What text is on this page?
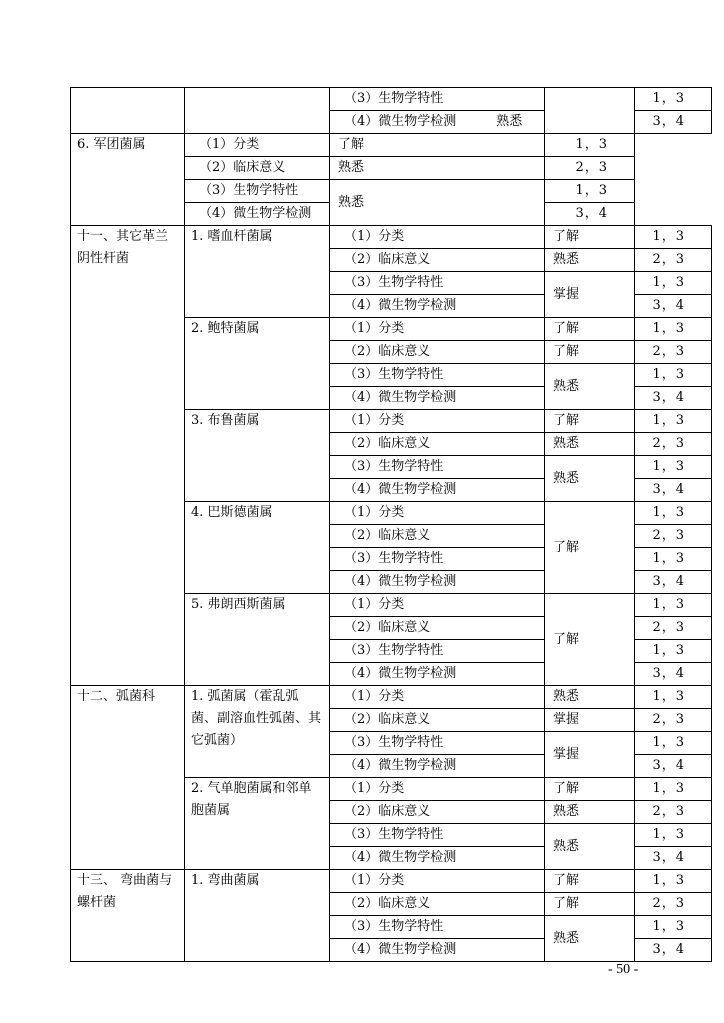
		（3）生物学特性		1，3
		（4）微生物学检测 熟悉		3，4
6. 军团菌属	（1）分类	了解	1，3	
	（2）临床意义	熟悉	2，3	
	（3）生物学特性	熟悉	1，3	
	（4）微生物学检测		3，4	
十一、其它革兰阴性杆菌	1. 嗜血杆菌属	（1）分类	了解	1，3
		（2）临床意义	熟悉	2，3
		（3）生物学特性	掌握	1，3
		（4）微生物学检测		3，4
	2. 鲍特菌属	（1）分类	了解	1，3
		（2）临床意义	了解	2，3
		（3）生物学特性	熟悉	1，3
		（4）微生物学检测		3，4
	3. 布鲁菌属	（1）分类	了解	1，3
		（2）临床意义	熟悉	2，3
		（3）生物学特性	熟悉	1，3
		（4）微生物学检测		3，4
	4. 巴斯德菌属	（1）分类	了解	1，3
		（2）临床意义		2，3
		（3）生物学特性		1，3
		（4）微生物学检测		3，4
	5. 弗朗西斯菌属	（1）分类	了解	1，3
		（2）临床意义		2，3
		（3）生物学特性		1，3
		（4）微生物学检测		3，4
十二、弧菌科	1. 弧菌属（霍乱弧菌、副溶血性弧菌、其它弧菌）	（1）分类	熟悉	1，3
		（2）临床意义	掌握	2，3
		（3）生物学特性	掌握	1，3
		（4）微生物学检测		3，4
	2. 气单胞菌属和邻单胞菌属	（1）分类	了解	1，3
		（2）临床意义	熟悉	2，3
		（3）生物学特性	熟悉	1，3
		（4）微生物学检测		3，4
十三、 弯曲菌与螺杆菌	1. 弯曲菌属	（1）分类	了解	1，3
		（2）临床意义	了解	2，3
		（3）生物学特性	熟悉	1，3
		（4）微生物学检测		3，4
- 50 -
